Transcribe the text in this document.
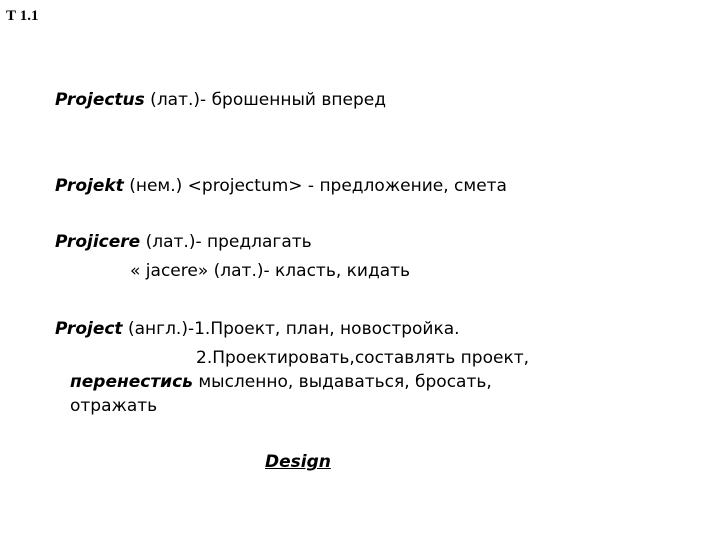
Т 1.1
Projectus (лат.)- брошенный вперед
Projekt (нем.) <projectum> - предложение, смета
Projicere (лат.)- предлагать
« jacere» (лат.)- класть, кидать
Project (англ.)-1.Проект, план, новостройка.
2.Проектировать,составлять проект,
перенестись мысленно, выдаваться, бросать,
отражать
Design
